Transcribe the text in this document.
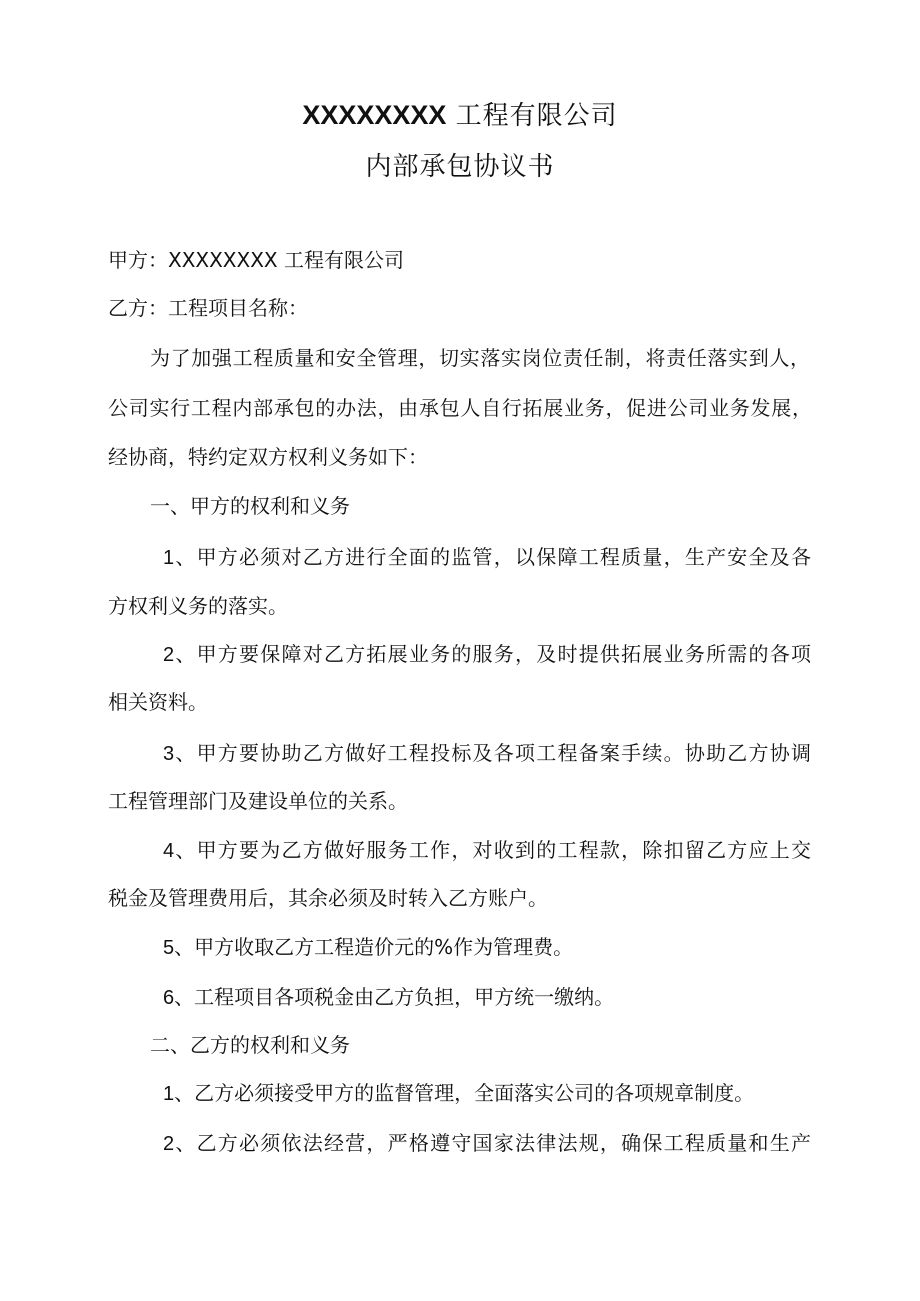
XXXXXXXX 工程有限公司
内部承包协议书
甲方：XXXXXXXX 工程有限公司
乙方：工程项目名称：
为了加强工程质量和安全管理，切实落实岗位责任制，将责任落实到人，
公司实行工程内部承包的办法，由承包人自行拓展业务，促进公司业务发展，
经协商，特约定双方权利义务如下：
一、甲方的权利和义务
1、甲方必须对乙方进行全面的监管，以保障工程质量，生产安全及各
方权利义务的落实。
2、甲方要保障对乙方拓展业务的服务，及时提供拓展业务所需的各项
相关资料。
3、甲方要协助乙方做好工程投标及各项工程备案手续。协助乙方协调
工程管理部门及建设单位的关系。
4、甲方要为乙方做好服务工作，对收到的工程款，除扣留乙方应上交
税金及管理费用后，其余必须及时转入乙方账户。
5、甲方收取乙方工程造价元的%作为管理费。
6、工程项目各项税金由乙方负担，甲方统一缴纳。
二、乙方的权利和义务
1、乙方必须接受甲方的监督管理，全面落实公司的各项规章制度。
2、乙方必须依法经营，严格遵守国家法律法规，确保工程质量和生产
